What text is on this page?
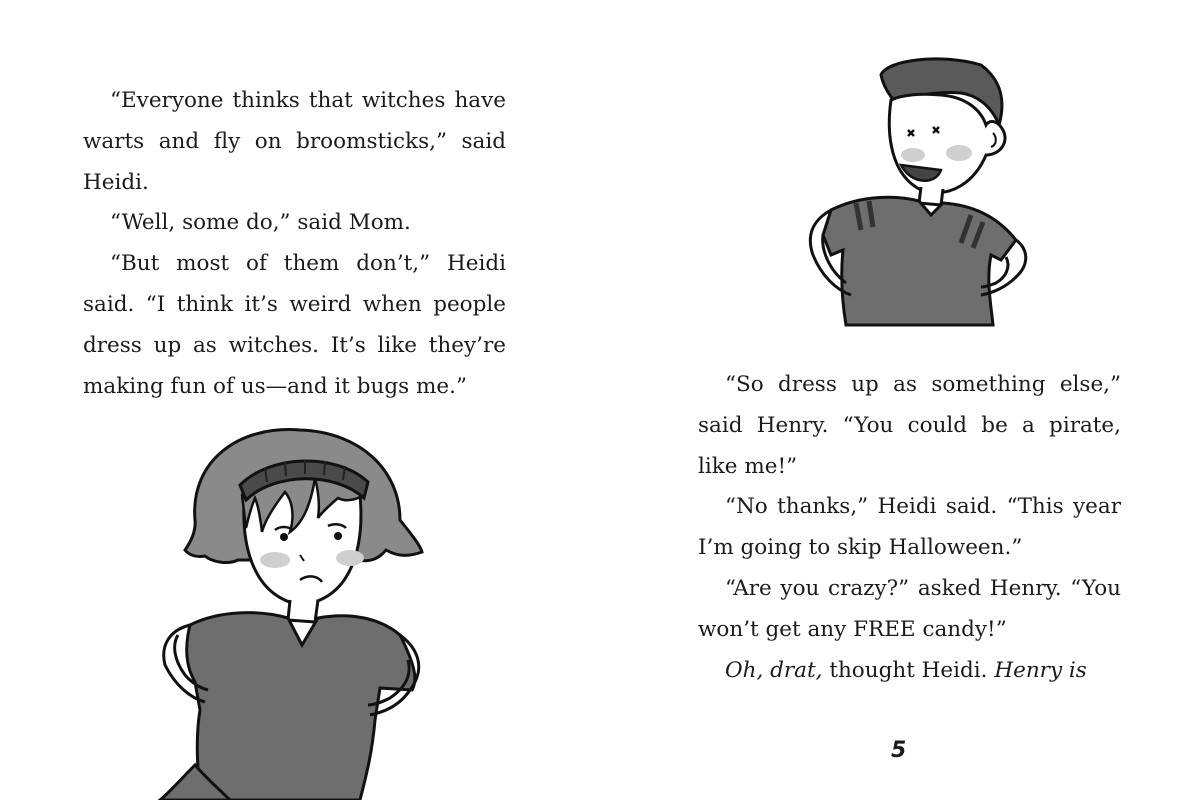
“Everyone thinks that witches have warts and fly on broomsticks,” said Heidi.

“Well, some do,” said Mom.

“But most of them don’t,” Heidi said. “I think it’s weird when people dress up as witches. It’s like they’re making fun of us—and it bugs me.”	“So dress up as something else,” said Henry. “You could be a pirate, like me!”

“No thanks,” Heidi said. “This year I’m going to skip Halloween.”

“Are you crazy?” asked Henry. “You won’t get any FREE candy!”

Oh, drat, thought Heidi. Henry is

5
